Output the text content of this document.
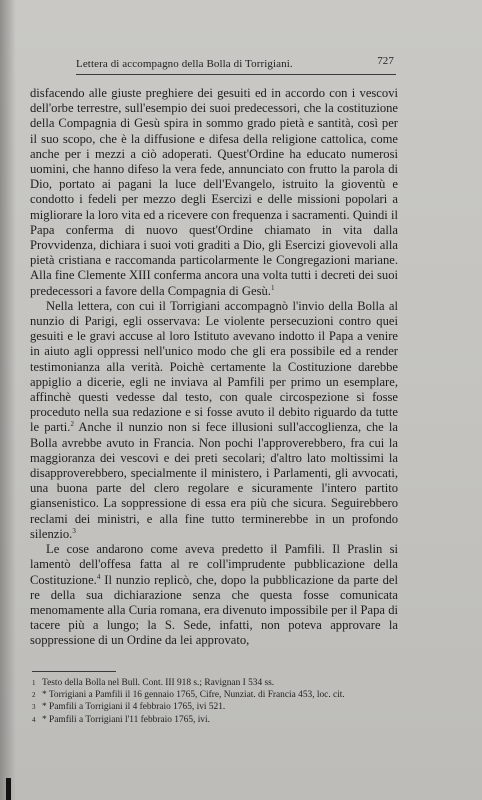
Lettera di accompagno della Bolla di Torrigiani.	727

disfacendo alle giuste preghiere dei gesuiti ed in accordo con i vescovi dell'orbe terrestre, sull'esempio dei suoi predecessori, che la costituzione della Compagnia di Gesù spira in sommo grado pietà e santità, così per il suo scopo, che è la diffusione e difesa della religione cattolica, come anche per i mezzi a ciò adoperati. Quest'Ordine ha educato numerosi uomini, che hanno difeso la vera fede, annunciato con frutto la parola di Dio, portato ai pagani la luce dell'Evangelo, istruito la gioventù e condotto i fedeli per mezzo degli Esercizi e delle missioni popolari a migliorare la loro vita ed a ricevere con frequenza i sacramenti. Quindi il Papa conferma di nuovo quest'Ordine chiamato in vita dalla Provvidenza, dichiara i suoi voti graditi a Dio, gli Esercizi giovevoli alla pietà cristiana e raccomanda particolarmente le Congregazioni mariane. Alla fine Clemente XIII conferma ancora una volta tutti i decreti dei suoi predecessori a favore della Compagnia di Gesù.$^1$

Nella lettera, con cui il Torrigiani accompagnò l'invio della Bolla al nunzio di Parigi, egli osservava: Le violente persecuzioni contro quei gesuiti e le gravi accuse al loro Istituto avevano indotto il Papa a venire in aiuto agli oppressi nell'unico modo che gli era possibile ed a render testimonianza alla verità. Poichè certamente la Costituzione darebbe appiglio a dicerie, egli ne inviava al Pamfili per primo un esemplare, affinchè questi vedesse dal testo, con quale circospezione si fosse proceduto nella sua redazione e si fosse avuto il debito riguardo da tutte le parti.$^2$ Anche il nunzio non si fece illusioni sull'accoglienza, che la Bolla avrebbe avuto in Francia. Non pochi l'approverebbero, fra cui la maggioranza dei vescovi e dei preti secolari; d'altro lato moltissimi la disapproverebbero, specialmente il ministero, i Parlamenti, gli avvocati, una buona parte del clero regolare e sicuramente l'intero partito giansenistico. La soppressione di essa era più che sicura. Seguirebbero reclami dei ministri, e alla fine tutto terminerebbe in un profondo silenzio.$^3$

Le cose andarono come aveva predetto il Pamfili. Il Praslin si lamentò dell'offesa fatta al re coll'imprudente pubblicazione della Costituzione.$^4$ Il nunzio replicò, che, dopo la pubblicazione da parte del re della sua dichiarazione senza che questa fosse comunicata menomamente alla Curia romana, era divenuto impossibile per il Papa di tacere più a lungo; la S. Sede, infatti, non poteva approvare la soppressione di un Ordine da lei approvato,

1 Testo della Bolla nel Bull. Cont. III 918 s.; Ravignan I 534 ss.

2 * Torrigiani a Pamfili il 16 gennaio 1765, Cifre, Nunziat. di Francia 453, loc. cit.

3 * Pamfili a Torrigiani il 4 febbraio 1765, ivi 521.

4 * Pamfili a Torrigiani l'11 febbraio 1765, ivi.
